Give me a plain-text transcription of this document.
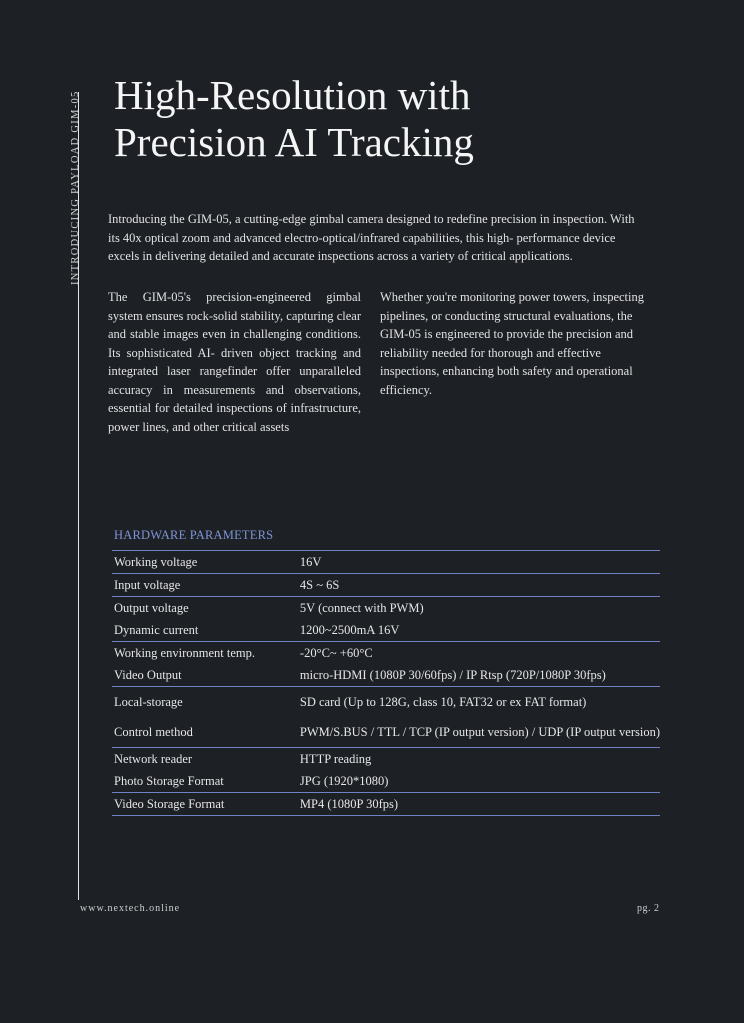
INTRODUCING PAYLOAD GIM-05 High-Resolution with
Precision AI Tracking

Introducing the GIM-05, a cutting-edge gimbal camera designed to redefine precision in inspection. With its 40x optical zoom and advanced electro-optical/infrared capabilities, this high- performance device excels in delivering detailed and accurate inspections across a variety of critical applications.

The GIM-05's precision-engineered gimbal system ensures rock-solid stability, capturing clear and stable images even in challenging conditions. Its sophisticated AI- driven object tracking and integrated laser rangefinder offer unparalleled accuracy in measurements and observations, essential for detailed inspections of infrastructure, power lines, and other critical assets

Whether you're monitoring power towers, inspecting pipelines, or conducting structural evaluations, the GIM-05 is engineered to provide the precision and reliability needed for thorough and effective inspections, enhancing both safety and operational efficiency.

HARDWARE PARAMETERS
Working voltage	16V
Input voltage	4S ~ 6S
Output voltage	5V (connect with PWM)
Dynamic current	1200~2500mA 16V
Working environment temp.	-20°C~ +60°C
Video Output	micro-HDMI (1080P 30/60fps) / IP Rtsp (720P/1080P 30fps)
Local-storage	SD card (Up to 128G, class 10, FAT32 or ex FAT format)
Control method	PWM/S.BUS / TTL / TCP (IP output version) / UDP (IP output version)
Network reader	HTTP reading
Photo Storage Format	JPG (1920*1080)
Video Storage Format	MP4 (1080P 30fps)
www.nextech.online	pg. 2
